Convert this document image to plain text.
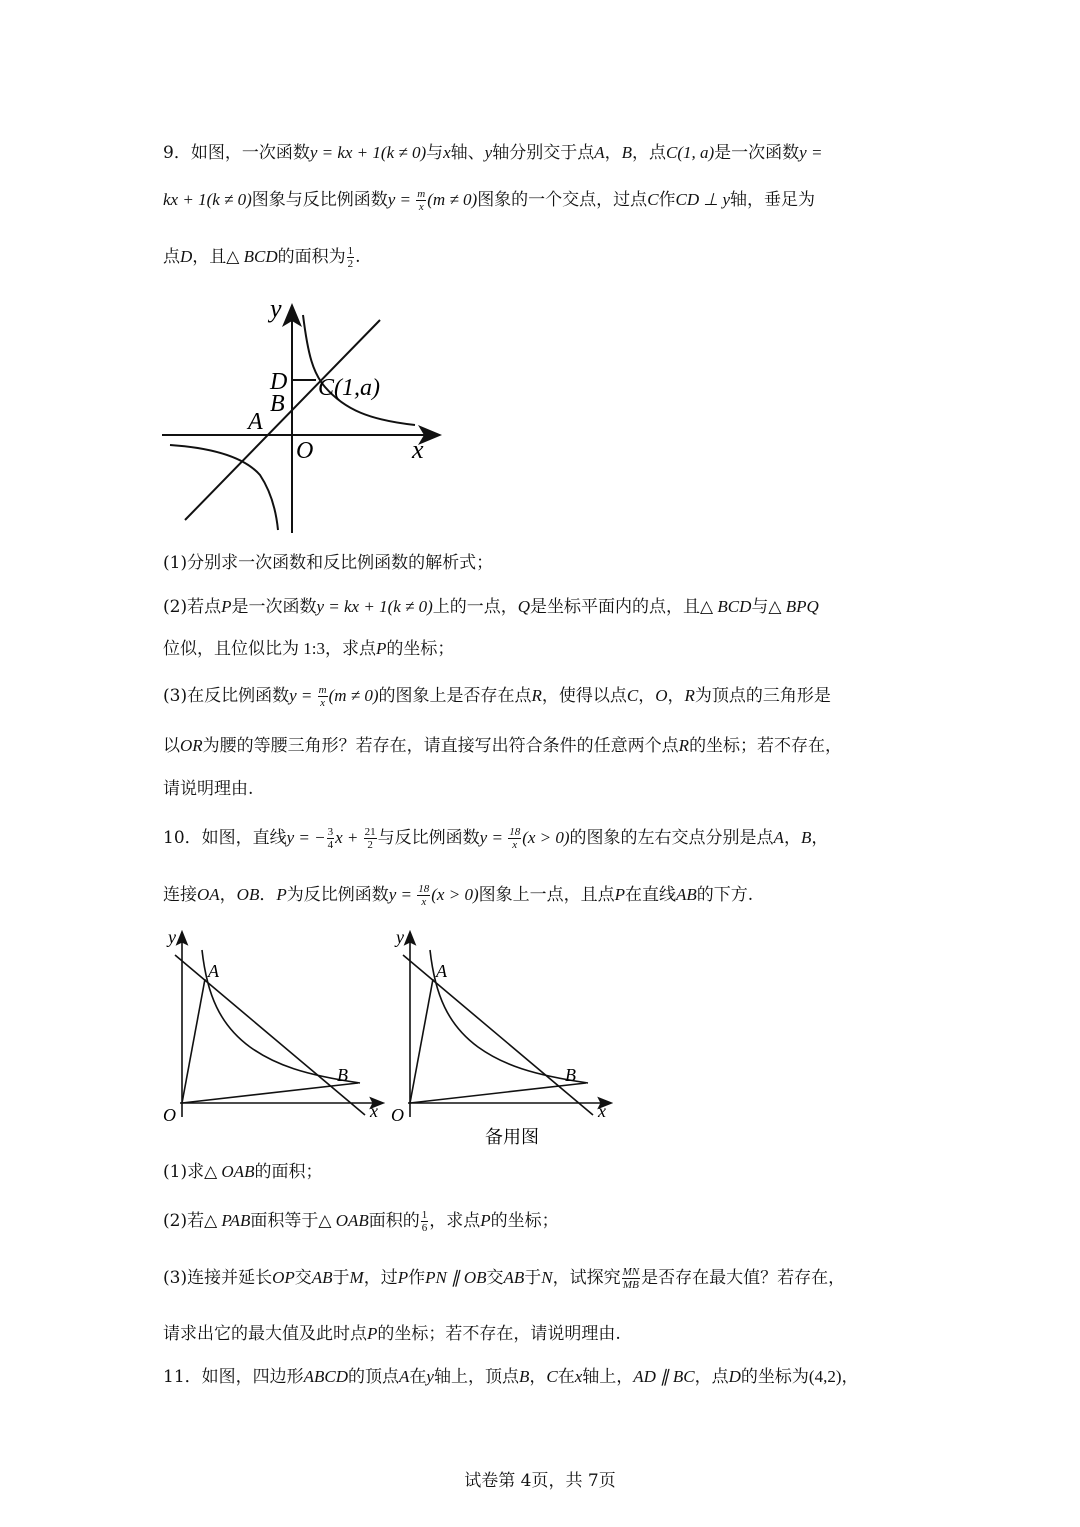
9．如图，一次函数y = kx + 1(k ≠ 0)与x轴、y轴分别交于点A，B，点C(1, a)是一次函数y =
kx + 1(k ≠ 0)图象与反比例函数$y = \frac{m}{x} (m \ne 0)$图象的一个交点，过点C作CD ⊥ y轴，垂足为
点D，且△ BCD的面积为 $\frac{1}{2}$ .
y
x
O
A
B
D C(1,a)
(1)分别求一次函数和反比例函数的解析式；
(2)若点P是一次函数y = kx + 1(k ≠ 0)上的一点，Q是坐标平面内的点，且△ BCD与△ BPQ
位似，且位似比为 1:3，求点P的坐标；
(3)在反比例函数$y = \frac{m}{x} (m \ne 0)$的图象上是否存在点R，使得以点C，O，R为顶点的三角形是
以OR为腰的等腰三角形？若存在，请直接写出符合条件的任意两个点R的坐标；若不存在，
请说明理由.
10．如图，直线y = − $\frac{3}{4}$ $x + \frac{21}{2}$ 与反比例函数$y = \frac{18}{x} (x > 0)$的图象的左右交点分别是点A，B，
连接OA，OB．P为反比例函数$y = \frac{18}{x} (x > 0)$图象上一点，且点P在直线AB的下方.
y
x
O
A
B
y
x
O
A
B
备用图
(1)求△ OAB的面积；
(2)若△ PAB面积等于△ OAB面积的 $\frac{1}{6}$ ，求点P的坐标；
(3)连接并延长OP交AB于M，过P作PN ∥ OB交AB于N，试探究 $\frac{MN}{MB}$ 是否存在最大值？若存在，
请求出它的最大值及此时点P的坐标；若不存在，请说明理由.
11．如图，四边形ABCD的顶点A在y轴上，顶点B，C在x轴上，AD ∥ BC，点D的坐标为(4,2)，
试卷第 4页，共 7页
